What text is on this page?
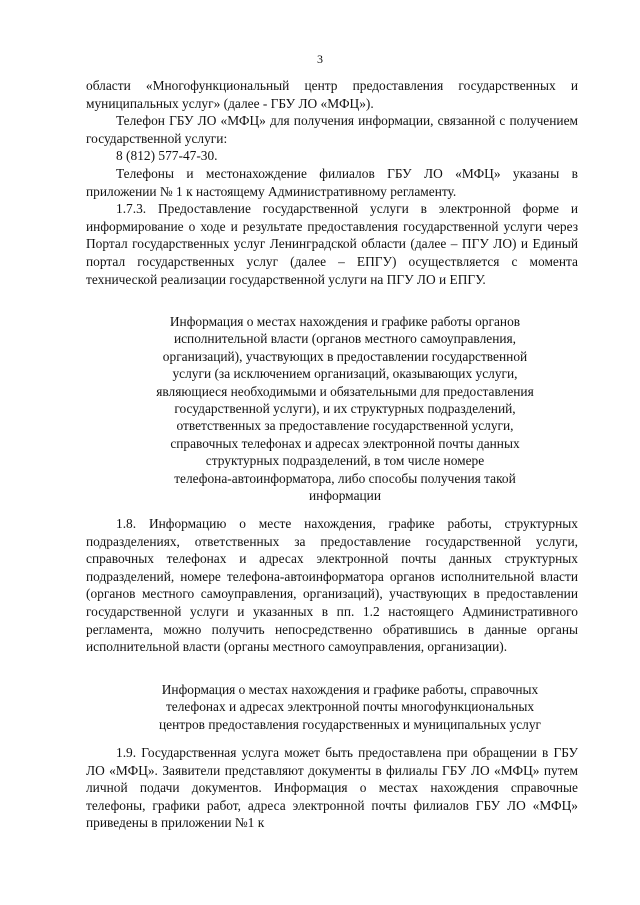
3

области «Многофункциональный центр предоставления государственных и муниципальных услуг» (далее - ГБУ ЛО «МФЦ»).

Телефон ГБУ ЛО «МФЦ» для получения информации, связанной с получением государственной услуги:

8 (812) 577-47-30.

Телефоны и местонахождение филиалов ГБУ ЛО «МФЦ» указаны в приложении № 1 к настоящему Административному регламенту.

1.7.3. Предоставление государственной услуги в электронной форме и информирование о ходе и результате предоставления государственной услуги через Портал государственных услуг Ленинградской области (далее – ПГУ ЛО) и Единый портал государственных услуг (далее – ЕПГУ) осуществляется с момента технической реализации государственной услуги на ПГУ ЛО и ЕПГУ.

Информация о местах нахождения и графике работы органов

исполнительной власти (органов местного самоуправления,

организаций), участвующих в предоставлении государственной

услуги (за исключением организаций, оказывающих услуги,

являющиеся необходимыми и обязательными для предоставления

государственной услуги), и их структурных подразделений,

ответственных за предоставление государственной услуги,

справочных телефонах и адресах электронной почты данных

структурных подразделений, в том числе номере

телефона-автоинформатора, либо способы получения такой

информации

1.8. Информацию о месте нахождения, графике работы, структурных подразделениях, ответственных за предоставление государственной услуги, справочных телефонах и адресах электронной почты данных структурных подразделений, номере телефона-автоинформатора органов исполнительной власти (органов местного самоуправления, организаций), участвующих в предоставлении государственной услуги и указанных в пп. 1.2 настоящего Административного регламента, можно получить непосредственно обратившись в данные органы исполнительной власти (органы местного самоуправления, организации).

Информация о местах нахождения и графике работы, справочных

телефонах и адресах электронной почты многофункциональных

центров предоставления государственных и муниципальных услуг

1.9. Государственная услуга может быть предоставлена при обращении в ГБУ ЛО «МФЦ». Заявители представляют документы в филиалы ГБУ ЛО «МФЦ» путем личной подачи документов. Информация о местах нахождения справочные телефоны, графики работ, адреса электронной почты филиалов ГБУ ЛО «МФЦ» приведены в приложении №1 к
